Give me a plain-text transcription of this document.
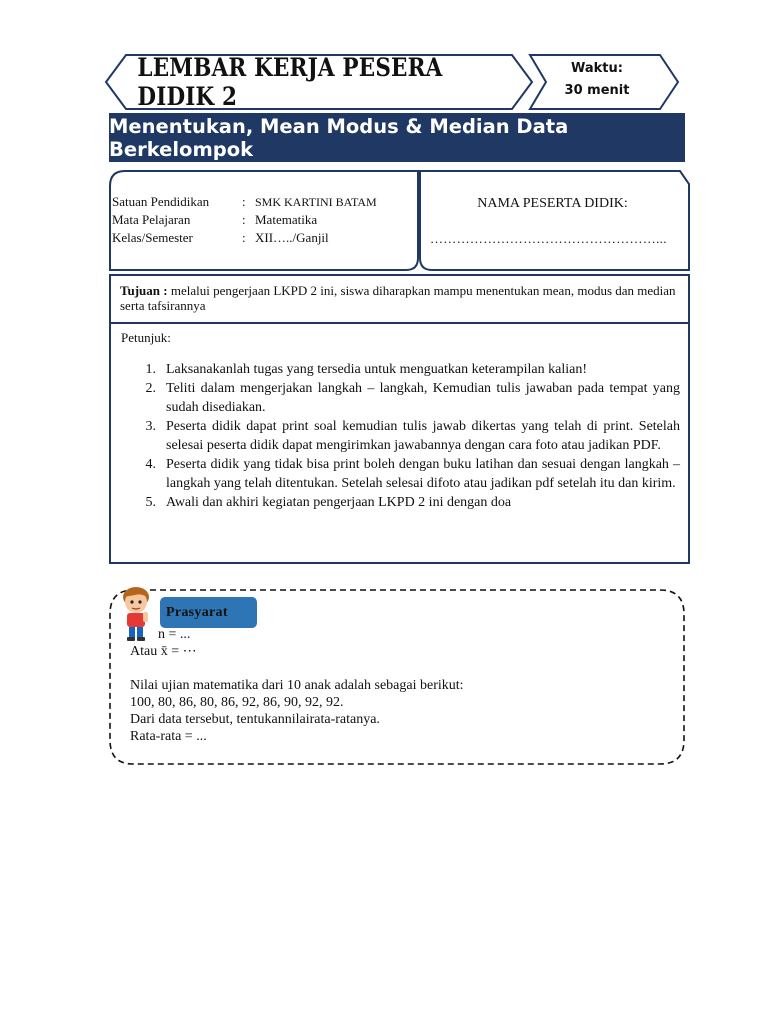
LEMBAR KERJA PESERA DIDIK 2
Waktu:
30 menit
Menentukan, Mean Modus & Median Data Berkelompok
Satuan Pendidikan	: SMK KARTINI BATAM
Mata Pelajaran	: Matematika
Kelas/Semester	: XII…../Ganjil
NAMA PESERTA DIDIK:
……………………………………………...
Tujuan : melalui pengerjaan LKPD 2 ini, siswa diharapkan mampu menentukan mean, modus dan median serta tafsirannya
Petunjuk:
1. Laksanakanlah tugas yang tersedia untuk menguatkan keterampilan kalian!
2. Teliti dalam mengerjakan langkah – langkah, Kemudian tulis jawaban pada tempat yang sudah disediakan.
3. Peserta didik dapat print soal kemudian tulis jawab dikertas yang telah di print. Setelah selesai peserta didik dapat mengirimkan jawabannya dengan cara foto atau jadikan PDF.
4. Peserta didik yang tidak bisa print boleh dengan buku latihan dan sesuai dengan langkah – langkah yang telah ditentukan. Setelah selesai difoto atau jadikan pdf setelah itu dan kirim.
5. Awali dan akhiri kegiatan pengerjaan LKPD 2 ini dengan doa
Prasyarat
n = ...
Atau x̄ = ⋯
Nilai ujian matematika dari 10 anak adalah sebagai berikut:
100, 80, 86, 80, 86, 92, 86, 90, 92, 92.
Dari data tersebut, tentukannilairata-ratanya.
Rata-rata = ...
